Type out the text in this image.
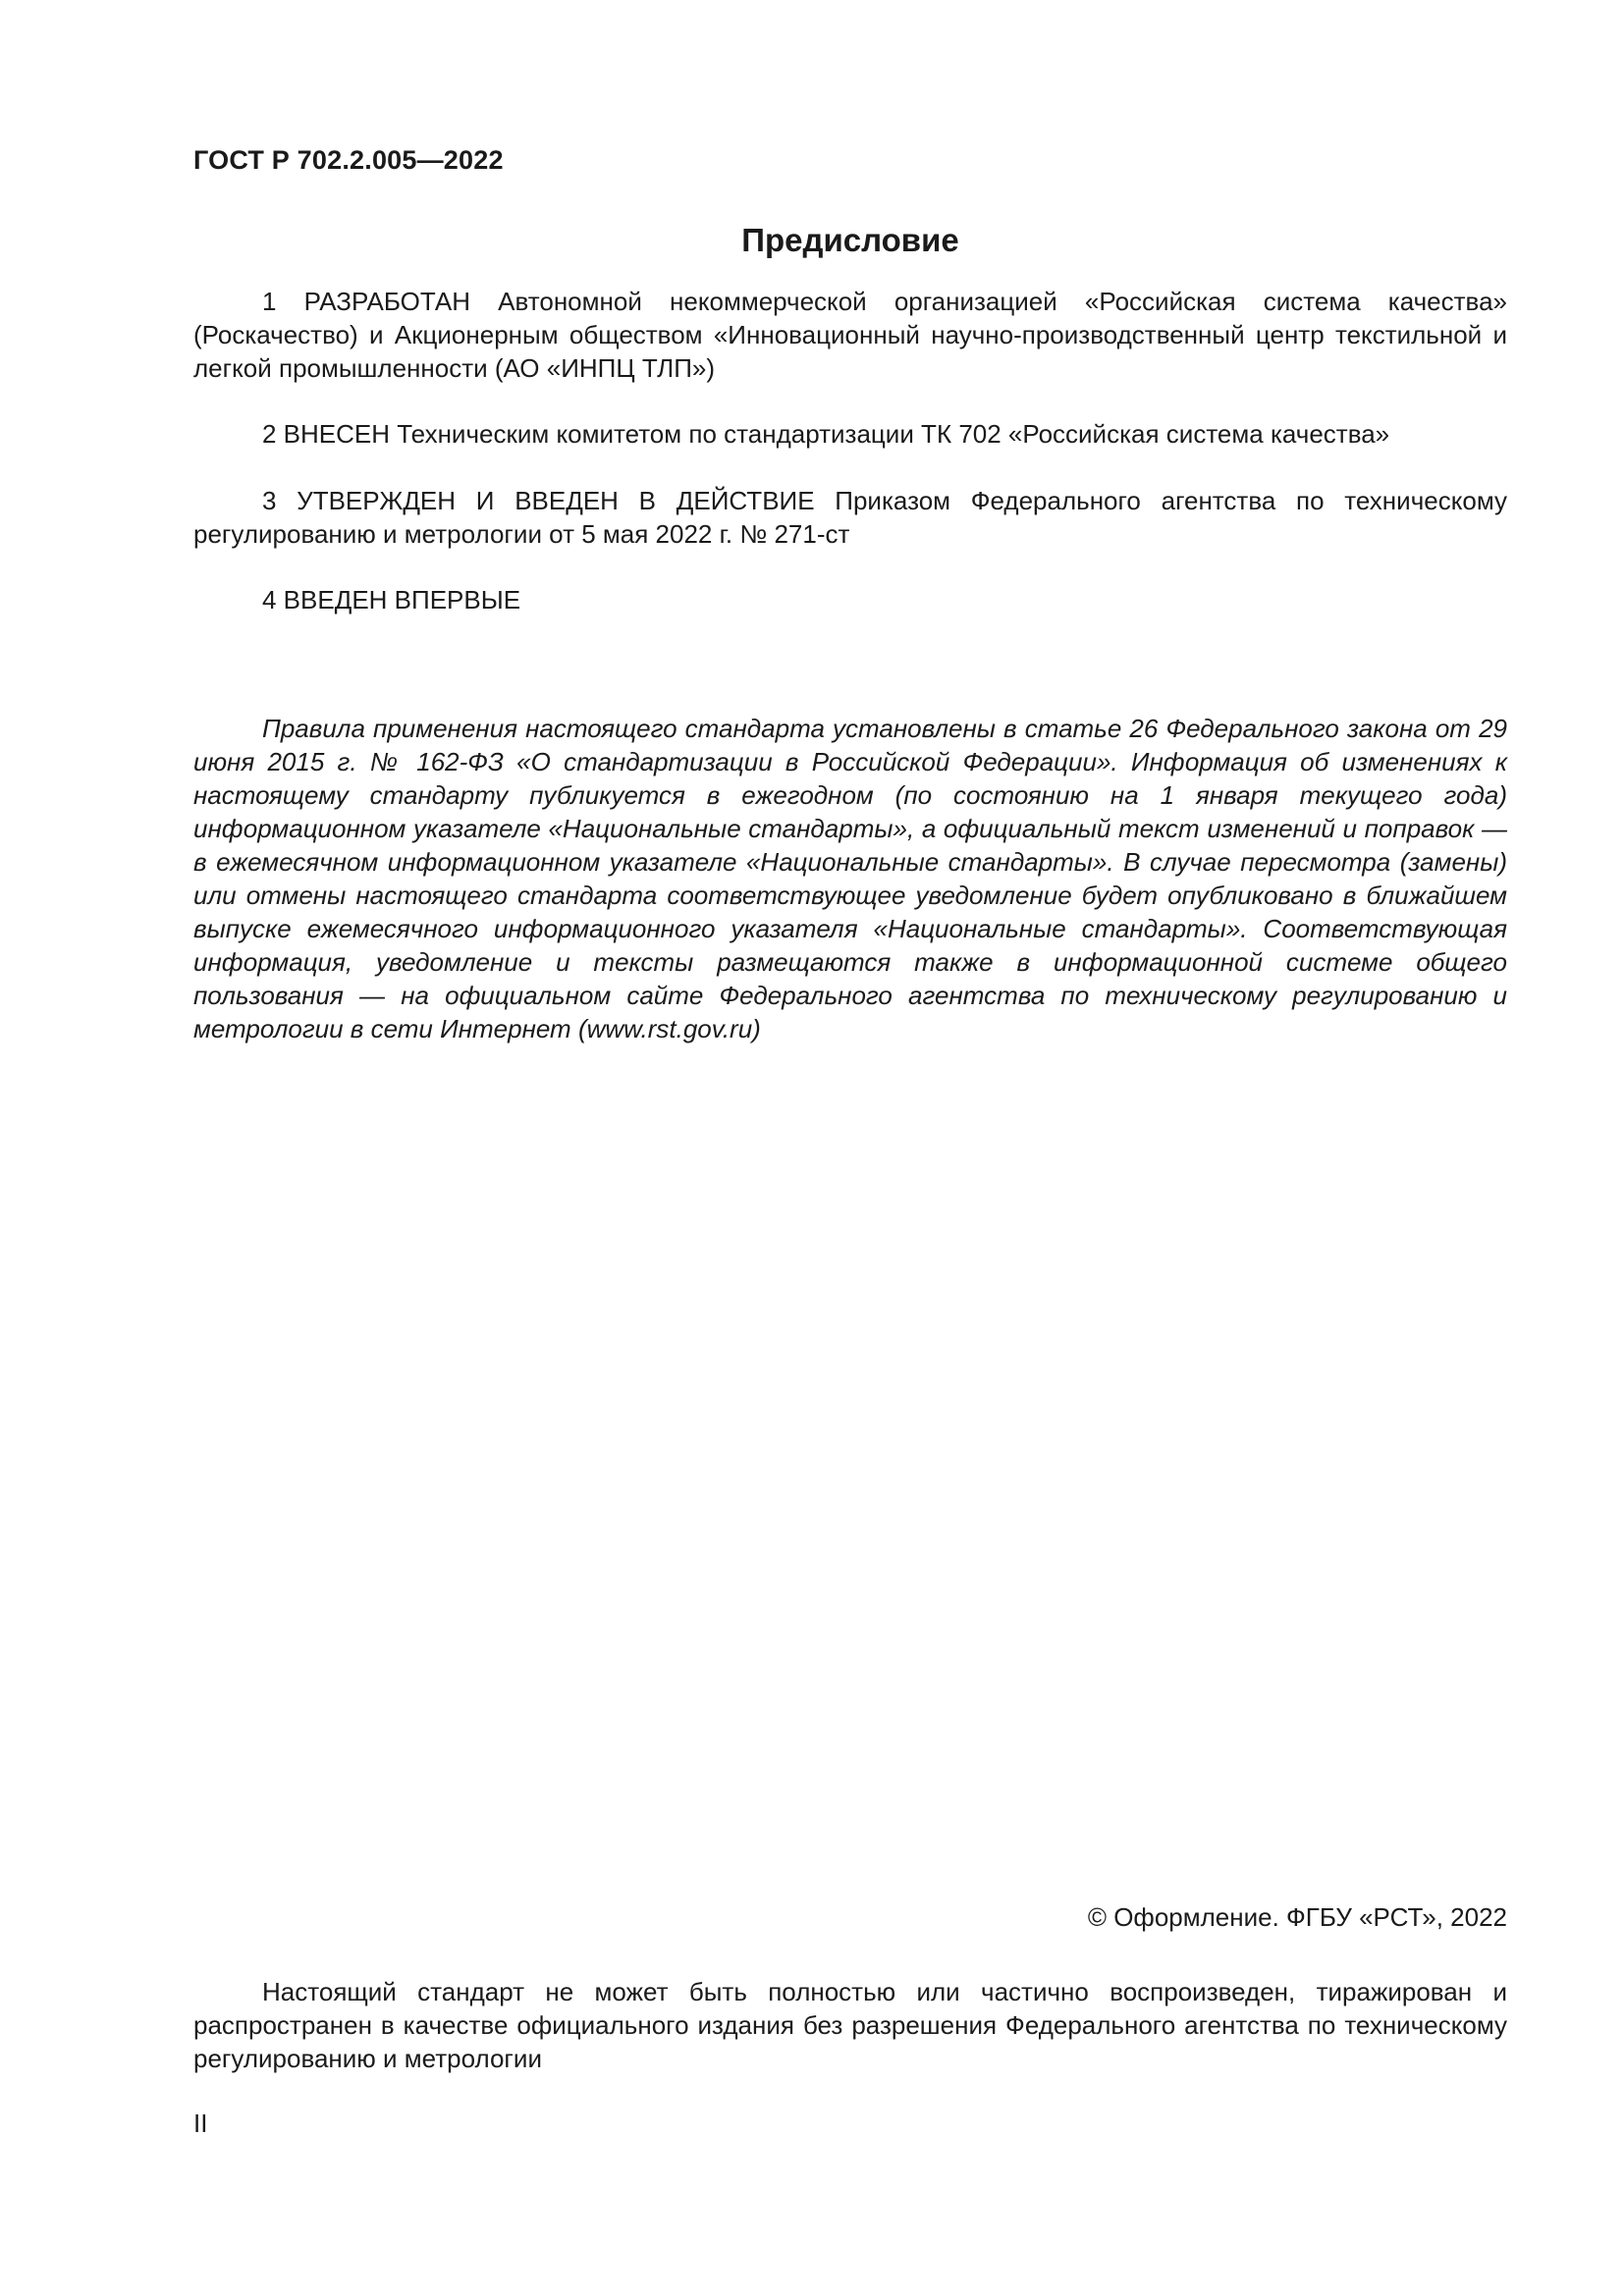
ГОСТ Р 702.2.005—2022
Предисловие

1 РАЗРАБОТАН Автономной некоммерческой организацией «Российская система качества» (Роскачество) и Акционерным обществом «Инновационный научно-производственный центр текстильной и легкой промышленности (АО «ИНПЦ ТЛП»)

2 ВНЕСЕН Техническим комитетом по стандартизации ТК 702 «Российская система качества»

3 УТВЕРЖДЕН И ВВЕДЕН В ДЕЙСТВИЕ Приказом Федерального агентства по техническому регулированию и метрологии от 5 мая 2022 г. № 271-ст

4 ВВЕДЕН ВПЕРВЫЕ

Правила применения настоящего стандарта установлены в статье 26 Федерального закона от 29 июня 2015 г. № 162-ФЗ «О стандартизации в Российской Федерации». Информация об изменениях к настоящему стандарту публикуется в ежегодном (по состоянию на 1 января текущего года) информационном указателе «Национальные стандарты», а официальный текст изменений и поправок — в ежемесячном информационном указателе «Национальные стандарты». В случае пересмотра (замены) или отмены настоящего стандарта соответствующее уведомление будет опубликовано в ближайшем выпуске ежемесячного информационного указателя «Национальные стандарты». Соответствующая информация, уведомление и тексты размещаются также в информационной системе общего пользования — на официальном сайте Федерального агентства по техническому регулированию и метрологии в сети Интернет (www.rst.gov.ru)

© Оформление. ФГБУ «РСТ», 2022

Настоящий стандарт не может быть полностью или частично воспроизведен, тиражирован и распространен в качестве официального издания без разрешения Федерального агентства по техническому регулированию и метрологии

II
